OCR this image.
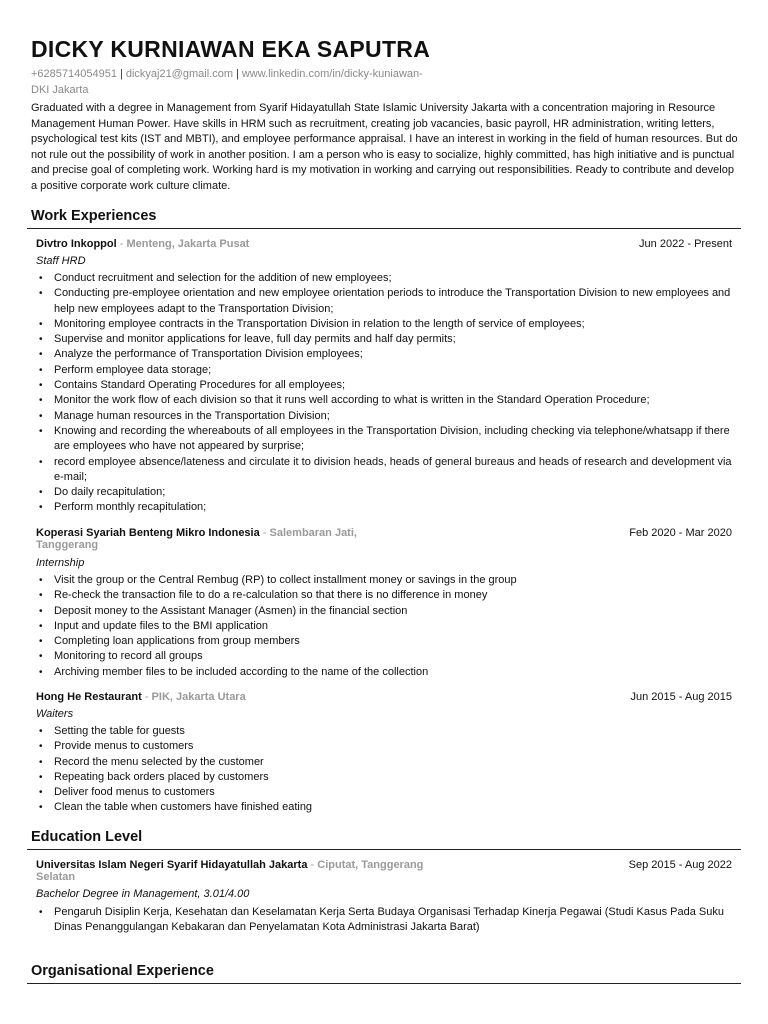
DICKY KURNIAWAN EKA SAPUTRA
+6285714054951 | dickyaj21@gmail.com | www.linkedin.com/in/dicky-kuniawan-
DKI Jakarta

Graduated with a degree in Management from Syarif Hidayatullah State Islamic University Jakarta with a concentration majoring in Resource Management Human Power. Have skills in HRM such as recruitment, creating job vacancies, basic payroll, HR administration, writing letters, psychological test kits (IST and MBTI), and employee performance appraisal. I have an interest in working in the field of human resources. But do not rule out the possibility of work in another position. I am a person who is easy to socialize, highly committed, has high initiative and is punctual and precise goal of completing work. Working hard is my motivation in working and carrying out responsibilities. Ready to contribute and develop a positive corporate work culture climate.

Work Experiences
Divtro Inkoppol - Menteng, Jakarta Pusat	Jun 2022 - Present
Staff HRD
• Conduct recruitment and selection for the addition of new employees;
• Conducting pre-employee orientation and new employee orientation periods to introduce the Transportation Division to new employees and help new employees adapt to the Transportation Division;
• Monitoring employee contracts in the Transportation Division in relation to the length of service of employees;
• Supervise and monitor applications for leave, full day permits and half day permits;
• Analyze the performance of Transportation Division employees;
• Perform employee data storage;
• Contains Standard Operating Procedures for all employees;
• Monitor the work flow of each division so that it runs well according to what is written in the Standard Operation Procedure;
• Manage human resources in the Transportation Division;
• Knowing and recording the whereabouts of all employees in the Transportation Division, including checking via telephone/whatsapp if there are employees who have not appeared by surprise;
• record employee absence/lateness and circulate it to division heads, heads of general bureaus and heads of research and development via e-mail;
• Do daily recapitulation;
• Perform monthly recapitulation;
Koperasi Syariah Benteng Mikro Indonesia - Salembaran Jati,
Tanggerang
Feb 2020 - Mar 2020
Internship
• Visit the group or the Central Rembug (RP) to collect installment money or savings in the group
• Re-check the transaction file to do a re-calculation so that there is no difference in money
• Deposit money to the Assistant Manager (Asmen) in the financial section
• Input and update files to the BMI application
• Completing loan applications from group members
• Monitoring to record all groups
• Archiving member files to be included according to the name of the collection
Hong He Restaurant - PIK, Jakarta Utara	Jun 2015 - Aug 2015
Waiters
• Setting the table for guests
• Provide menus to customers
• Record the menu selected by the customer
• Repeating back orders placed by customers
• Deliver food menus to customers
• Clean the table when customers have finished eating
Education Level
Universitas Islam Negeri Syarif Hidayatullah Jakarta - Ciputat, Tanggerang
Selatan
Sep 2015 - Aug 2022
Bachelor Degree in Management, 3.01/4.00
• Pengaruh Disiplin Kerja, Kesehatan dan Keselamatan Kerja Serta Budaya Organisasi Terhadap Kinerja Pegawai (Studi Kasus Pada Suku Dinas Penanggulangan Kebakaran dan Penyelamatan Kota Administrasi Jakarta Barat)
Organisational Experience
